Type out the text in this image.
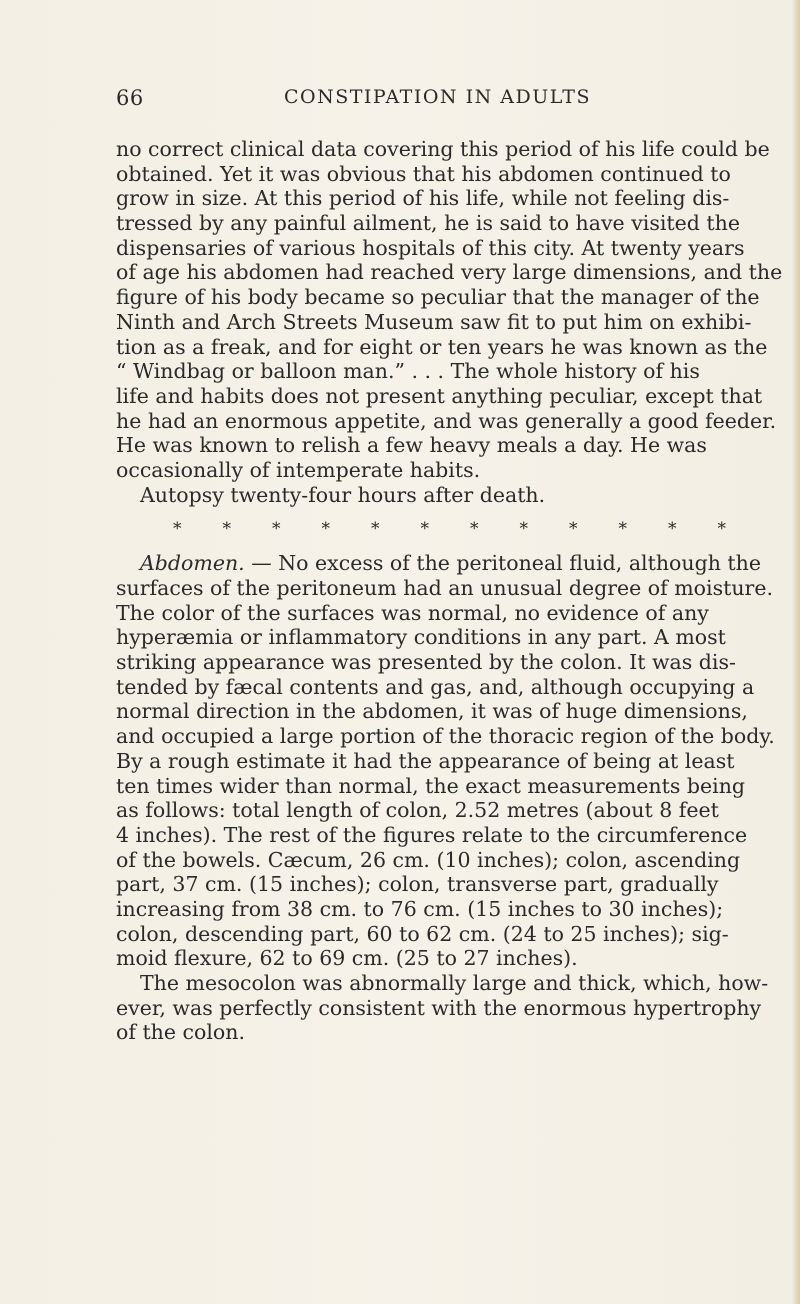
66	CONSTIPATION IN ADULTS
no correct clinical data covering this period of his life could be
obtained. Yet it was obvious that his abdomen continued to
grow in size. At this period of his life, while not feeling dis-
tressed by any painful ailment, he is said to have visited the
dispensaries of various hospitals of this city. At twenty years
of age his abdomen had reached very large dimensions, and the
figure of his body became so peculiar that the manager of the
Ninth and Arch Streets Museum saw fit to put him on exhibi-
tion as a freak, and for eight or ten years he was known as the
“ Windbag or balloon man.” . . . The whole history of his
life and habits does not present anything peculiar, except that
he had an enormous appetite, and was generally a good feeder.
He was known to relish a few heavy meals a day. He was
occasionally of intemperate habits.
Autopsy twenty-four hours after death.
* * * * * * * * * * * *
Abdomen. — No excess of the peritoneal fluid, although the
surfaces of the peritoneum had an unusual degree of moisture.
The color of the surfaces was normal, no evidence of any
hyperæmia or inflammatory conditions in any part. A most
striking appearance was presented by the colon. It was dis-
tended by fæcal contents and gas, and, although occupying a
normal direction in the abdomen, it was of huge dimensions,
and occupied a large portion of the thoracic region of the body.
By a rough estimate it had the appearance of being at least
ten times wider than normal, the exact measurements being
as follows: total length of colon, 2.52 metres (about 8 feet
4 inches). The rest of the figures relate to the circumference
of the bowels. Cæcum, 26 cm. (10 inches); colon, ascending
part, 37 cm. (15 inches); colon, transverse part, gradually
increasing from 38 cm. to 76 cm. (15 inches to 30 inches);
colon, descending part, 60 to 62 cm. (24 to 25 inches); sig-
moid flexure, 62 to 69 cm. (25 to 27 inches).
The mesocolon was abnormally large and thick, which, how-
ever, was perfectly consistent with the enormous hypertrophy
of the colon.
